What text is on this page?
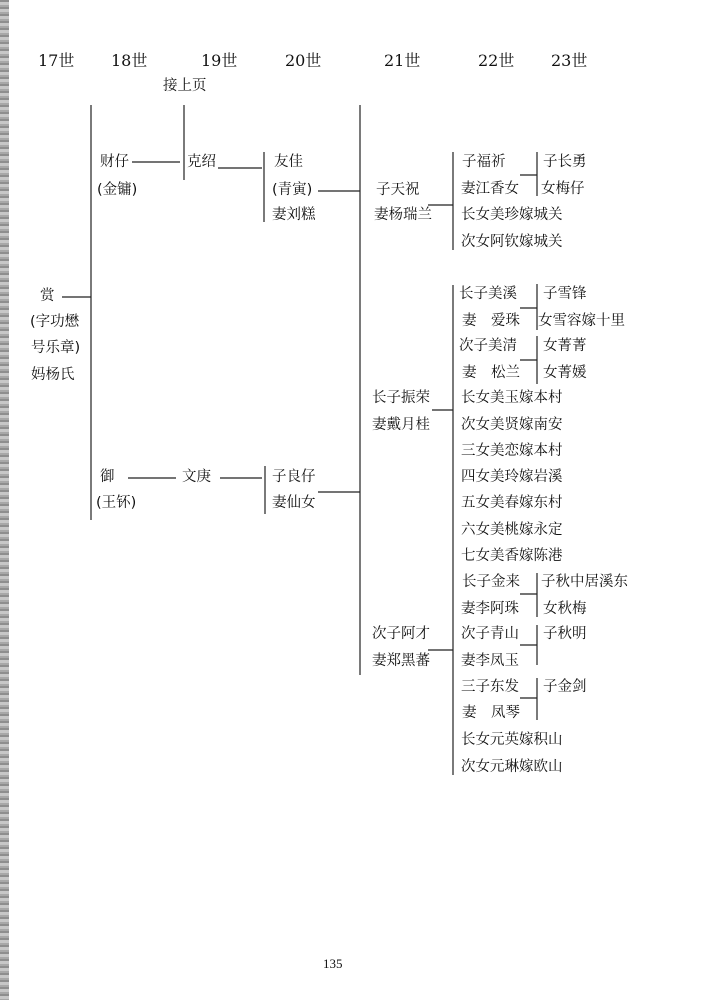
17世 18世	19世	20世	21世	22世 23世
接上页
赏
(字功懋
号乐章)
妈杨氏
财仔
(金镛)
御
(王钚)
克绍
文庚
友佳
(青寅)
妻刘糕
子良仔
妻仙女
子天祝
妻杨瑞兰
长子振荣
妻戴月桂
次子阿才
妻郑黑蕃
子福祈
妻江香女
长女美珍嫁城关
次女阿钦嫁城关
子长勇
女梅仔
长子美溪
妻　爱珠
次子美清
妻　松兰
长女美玉嫁本村
次女美贤嫁南安
三女美恋嫁本村
四女美玲嫁岩溪
五女美春嫁东村
六女美桃嫁永定
七女美香嫁陈港
子雪锋
女雪容嫁十里
女菁菁
女菁媛
长子金来
妻李阿珠
次子青山
妻李凤玉
三子东发
妻　凤琴
长女元英嫁积山
次女元琳嫁欧山
子秋中居溪东
女秋梅
子秋明
子金剑
135
